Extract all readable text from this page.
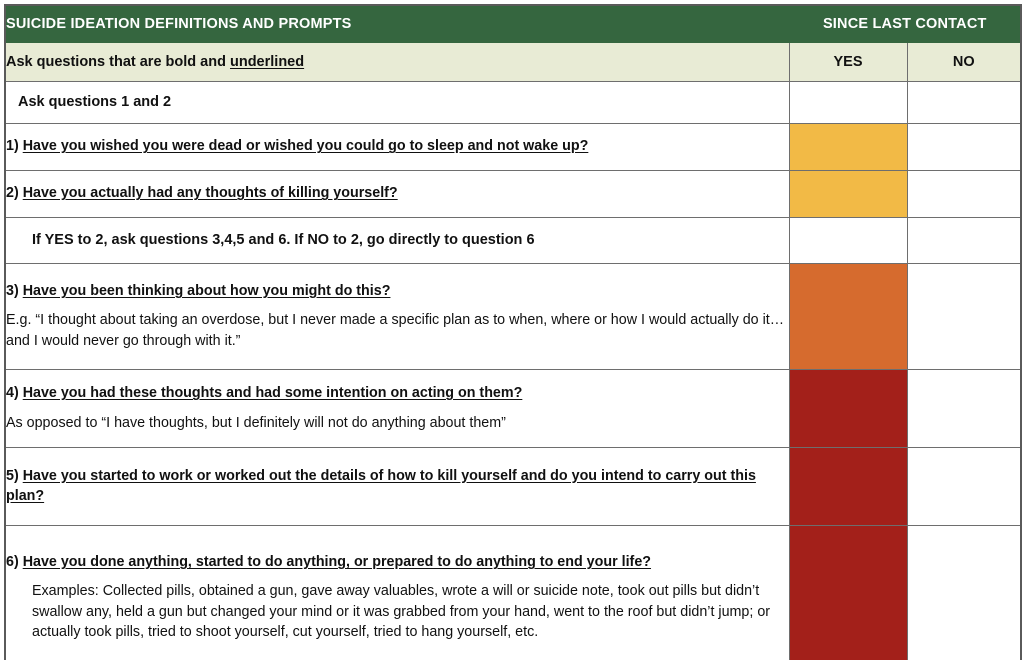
SUICIDE IDEATION DEFINITIONS AND PROMPTS	SINCE LAST CONTACT	
Ask questions that are bold and underlined	YES	NO
Ask questions 1 and 2		
1) Have you wished you were dead or wished you could go to sleep and not wake up?		
2) Have you actually had any thoughts of killing yourself?		
If YES to 2, ask questions 3,4,5 and 6. If NO to 2, go directly to question 6		
3) Have you been thinking about how you might do this?
E.g. “I thought about taking an overdose, but I never made a specific plan as to when, where or how I would actually do it…and I would never go through with it.”		

4) Have you had these thoughts and had some intention on acting on them?
As opposed to “I have thoughts, but I definitely will not do anything about them”		

5) Have you started to work or worked out the details of how to kill yourself and do you intend to carry out this plan?		
6) Have you done anything, started to do anything, or prepared to do anything to end your life?
Examples: Collected pills, obtained a gun, gave away valuables, wrote a will or suicide note, took out pills but didn’t swallow any, held a gun but changed your mind or it was grabbed from your hand, went to the roof but didn’t jump; or actually took pills, tried to shoot yourself, cut yourself, tried to hang yourself, etc.		
